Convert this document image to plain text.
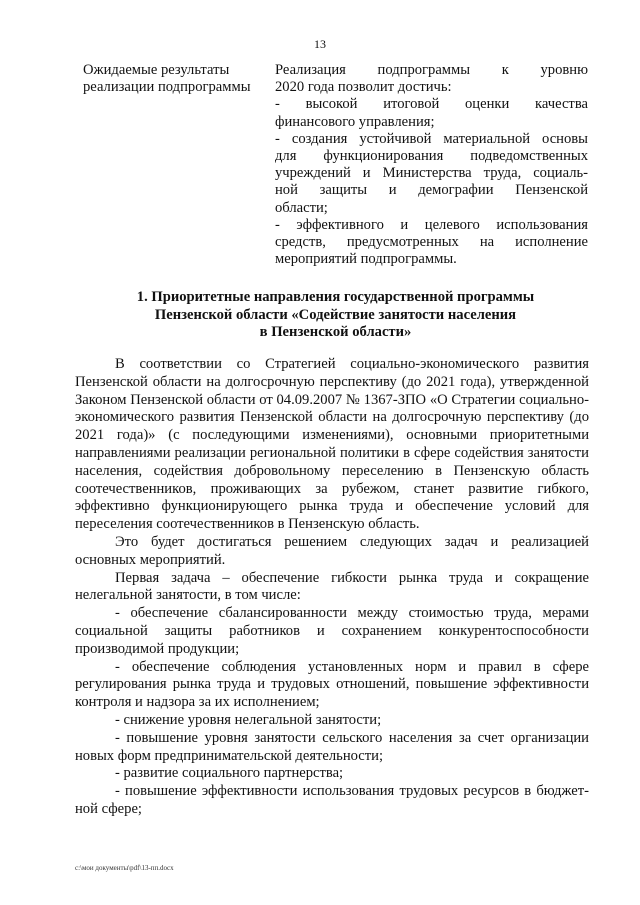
13
Ожидаемые результаты реализации подпрограммы

Реализация подпрограммы к уровню

2020 года позволит достичь:

- высокой итоговой оценки качества

финансового управления;

- создания устойчивой материальной основы

для функционирования подведомственных

учреждений и Министерства труда, социаль-

ной защиты и демографии Пензенской

области;

- эффективного и целевого использования

средств, предусмотренных на исполнение

мероприятий подпрограммы.

1. Приоритетные направления государственной программы
Пензенской области «Содействие занятости населения
в Пензенской области»

В соответствии со Стратегией социально-экономического развития Пензенской области на долгосрочную перспективу (до 2021 года), утвержденной Законом Пензенской области от 04.09.2007 № 1367-ЗПО «О Стратегии социально-экономического развития Пензенской области на долгосрочную перспективу (до 2021 года)» (с последующими изменениями), основными приоритетными направлениями реализации региональной политики в сфере содействия занятости населения, содействия добровольному переселению в Пензенскую область соотечественников, проживающих за рубежом, станет развитие гибкого, эффективно функционирующего рынка труда и обеспечение условий для переселения соотечественников в Пензенскую область.

Это будет достигаться решением следующих задач и реализацией основных мероприятий.

Первая задача – обеспечение гибкости рынка труда и сокращение нелегальной занятости, в том числе:

- обеспечение сбалансированности между стоимостью труда, мерами социальной защиты работников и сохранением конкурентоспособности производимой продукции;

- обеспечение соблюдения установленных норм и правил в сфере регулирования рынка труда и трудовых отношений, повышение эффективности контроля и надзора за их исполнением;

- снижение уровня нелегальной занятости;

- повышение уровня занятости сельского населения за счет организации новых форм предпринимательской деятельности;

- развитие социального партнерства;

- повышение эффективности использования трудовых ресурсов в бюджет-ной сфере;

c:\мои документы\pdf\13-пп.docx
